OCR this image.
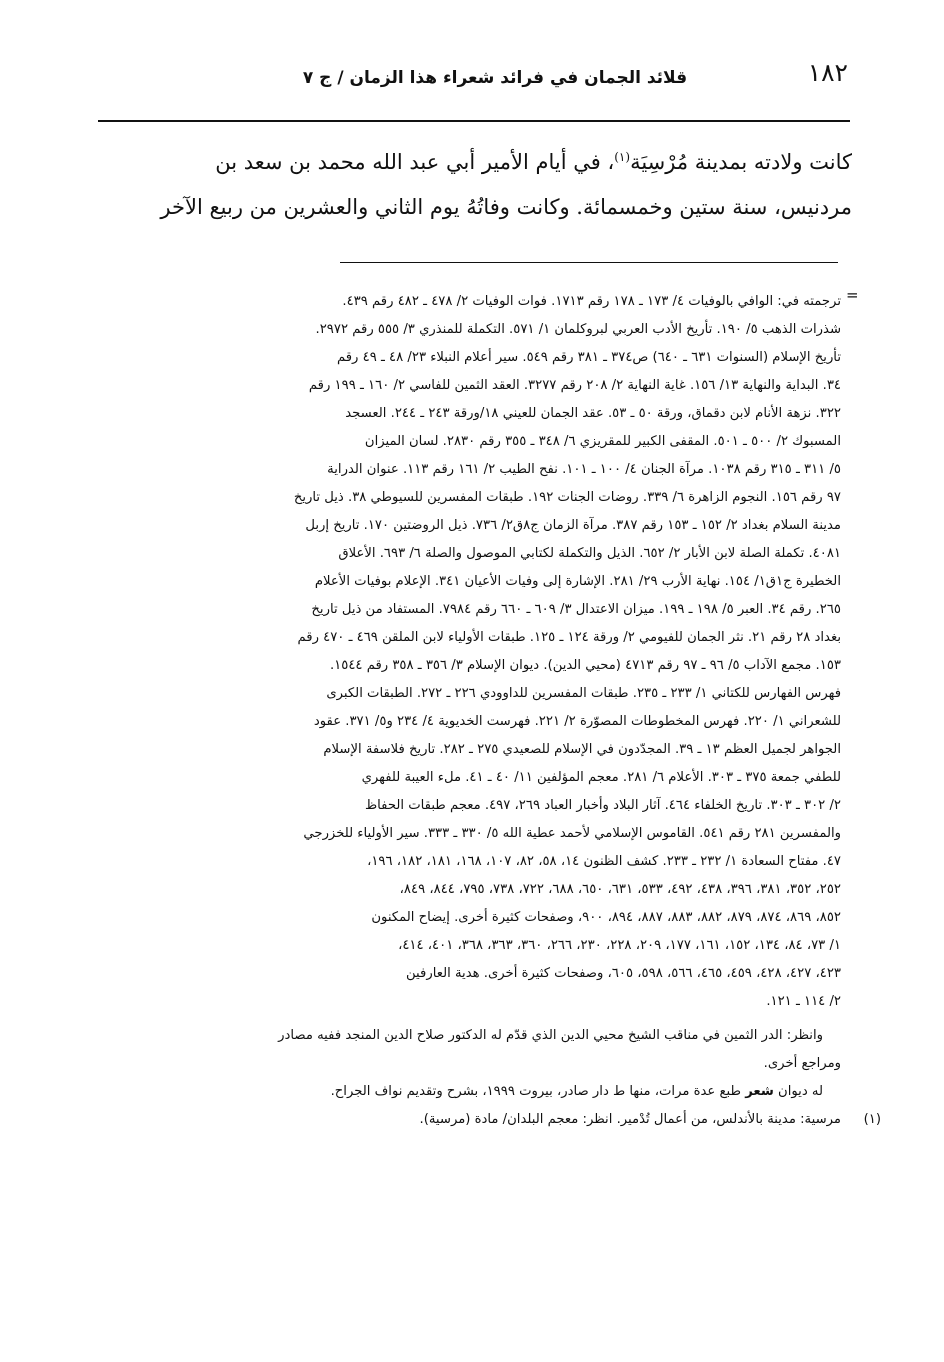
قلائد الجمان في فرائد شعراء هذا الزمان / ج ٧	١٨٢
كانت ولادته بمدينة مُرْسِيَة$^{(١)}$، في أيام الأمير أبي عبد الله محمد بن سعد بن
مردنيس، سنة ستين وخمسمائة. وكانت وفاتُهُ يوم الثاني والعشرين من ربيع الآخر
=
ترجمته في: الوافي بالوفيات ٤/ ١٧٣ ـ ١٧٨ رقم ١٧١٣. فوات الوفيات ٢/ ٤٧٨ ـ ٤٨٢ رقم ٤٣٩.
شذرات الذهب ٥/ ١٩٠. تأريخ الأدب العربي لبروكلمان ١/ ٥٧١. التكملة للمنذري ٣/ ٥٥٥ رقم ٢٩٧٢.
تأريخ الإسلام (السنوات ٦٣١ ـ ٦٤٠) ص٣٧٤ ـ ٣٨١ رقم ٥٤٩. سير أعلام النبلاء ٢٣/ ٤٨ ـ ٤٩ رقم
٣٤. البداية والنهاية ١٣/ ١٥٦. غاية النهاية ٢/ ٢٠٨ رقم ٣٢٧٧. العقد الثمين للفاسي ٢/ ١٦٠ ـ ١٩٩ رقم
٣٢٢. نزهة الأنام لابن دقماق، ورقة ٥٠ ـ ٥٣. عقد الجمان للعيني ١٨/ورقة ٢٤٣ ـ ٢٤٤. العسجد
المسبوك ٢/ ٥٠٠ ـ ٥٠١. المقفى الكبير للمقريزي ٦/ ٣٤٨ ـ ٣٥٥ رقم ٢٨٣٠. لسان الميزان
٥/ ٣١١ ـ ٣١٥ رقم ١٠٣٨. مرآة الجنان ٤/ ١٠٠ ـ ١٠١. نفح الطيب ٢/ ١٦١ رقم ١١٣. عنوان الدراية
٩٧ رقم ١٥٦. النجوم الزاهرة ٦/ ٣٣٩. روضات الجنات ١٩٢. طبقات المفسرين للسيوطي ٣٨. ذيل تاريخ
مدينة السلام بغداد ٢/ ١٥٢ ـ ١٥٣ رقم ٣٨٧. مرآة الزمان ج٨ق٢/ ٧٣٦. ذيل الروضتين ١٧٠. تاريخ إربل
٤٠٨١. تكملة الصلة لابن الأبار ٢/ ٦٥٢. الذيل والتكملة لكتابي الموصول والصلة ٦/ ٦٩٣. الأعلاق
الخطيرة ج١ق١/ ١٥٤. نهاية الأرب ٢٩/ ٢٨١. الإشارة إلى وفيات الأعيان ٣٤١. الإعلام بوفيات الأعلام
٢٦٥. رقم ٣٤. العبر ٥/ ١٩٨ ـ ١٩٩. ميزان الاعتدال ٣/ ٦٠٩ ـ ٦٦٠ رقم ٧٩٨٤. المستفاد من ذيل تاريخ
بغداد ٢٨ رقم ٢١. نثر الجمان للفيومي ٢/ ورقة ١٢٤ ـ ١٢٥. طبقات الأولياء لابن الملقن ٤٦٩ ـ ٤٧٠ رقم
١٥٣. مجمع الآداب ٥/ ٩٦ ـ ٩٧ رقم ٤٧١٣ (محيي الدين). ديوان الإسلام ٣/ ٣٥٦ ـ ٣٥٨ رقم ١٥٤٤.
فهرس الفهارس للكتاني ١/ ٢٣٣ ـ ٢٣٥. طبقات المفسرين للداوودي ٢٢٦ ـ ٢٧٢. الطبقات الكبرى
للشعراني ١/ ٢٢٠. فهرس المخطوطات المصوّرة ٢/ ٢٢١. فهرست الخديوية ٤/ ٢٣٤ و٥/ ٣٧١. عقود
الجواهر لجميل العظم ١٣ ـ ٣٩. المجدّدون في الإسلام للصعيدي ٢٧٥ ـ ٢٨٢. تاريخ فلاسفة الإسلام
للطفي جمعة ٣٧٥ ـ ٣٠٣. الأعلام ٦/ ٢٨١. معجم المؤلفين ١١/ ٤٠ ـ ٤١. ملء العيبة للفهري
٢/ ٣٠٢ ـ ٣٠٣. تاريخ الخلفاء ٤٦٤. آثار البلاد وأخبار العباد ٢٦٩، ٤٩٧. معجم طبقات الحفاظ
والمفسرين ٢٨١ رقم ٥٤١. القاموس الإسلامي لأحمد عطية الله ٥/ ٣٣٠ ـ ٣٣٣. سير الأولياء للخزرجي
٤٧. مفتاح السعادة ١/ ٢٣٢ ـ ٢٣٣. كشف الظنون ١٤، ٥٨، ٨٢، ١٠٧، ١٦٨، ١٨١، ١٨٢، ١٩٦،
٢٥٢، ٣٥٢، ٣٨١، ٣٩٦، ٤٣٨، ٤٩٢، ٥٣٣، ٦٣١، ٦٥٠، ٦٨٨، ٧٢٢، ٧٣٨، ٧٩٥، ٨٤٤، ٨٤٩،
٨٥٢، ٨٦٩، ٨٧٤، ٨٧٩، ٨٨٢، ٨٨٣، ٨٨٧، ٨٩٤، ٩٠٠، وصفحات كثيرة أخرى. إيضاح المكنون
١/ ٧٣، ٨٤، ١٣٤، ١٥٢، ١٦١، ١٧٧، ٢٠٩، ٢٢٨، ٢٣٠، ٢٦٦، ٣٦٠، ٣٦٣، ٣٦٨، ٤٠١، ٤١٤،
٤٢٣، ٤٢٧، ٤٢٨، ٤٥٩، ٤٦٥، ٥٦٦، ٥٩٨، ٦٠٥، وصفحات كثيرة أخرى. هدية العارفين
٢/ ١١٤ ـ ١٢١.
وانظر: الدر الثمين في مناقب الشيخ محيي الدين الذي قدّم له الدكتور صلاح الدين المنجد ففيه مصادر
ومراجع أخرى.
له ديوان شعر طبع عدة مرات، منها ط دار صادر، بيروت ١٩٩٩، بشرح وتقديم نواف الجراح.
(١)
مرسية: مدينة بالأندلس، من أعمال تُدْمير. انظر: معجم البلدان/ مادة (مرسية).
